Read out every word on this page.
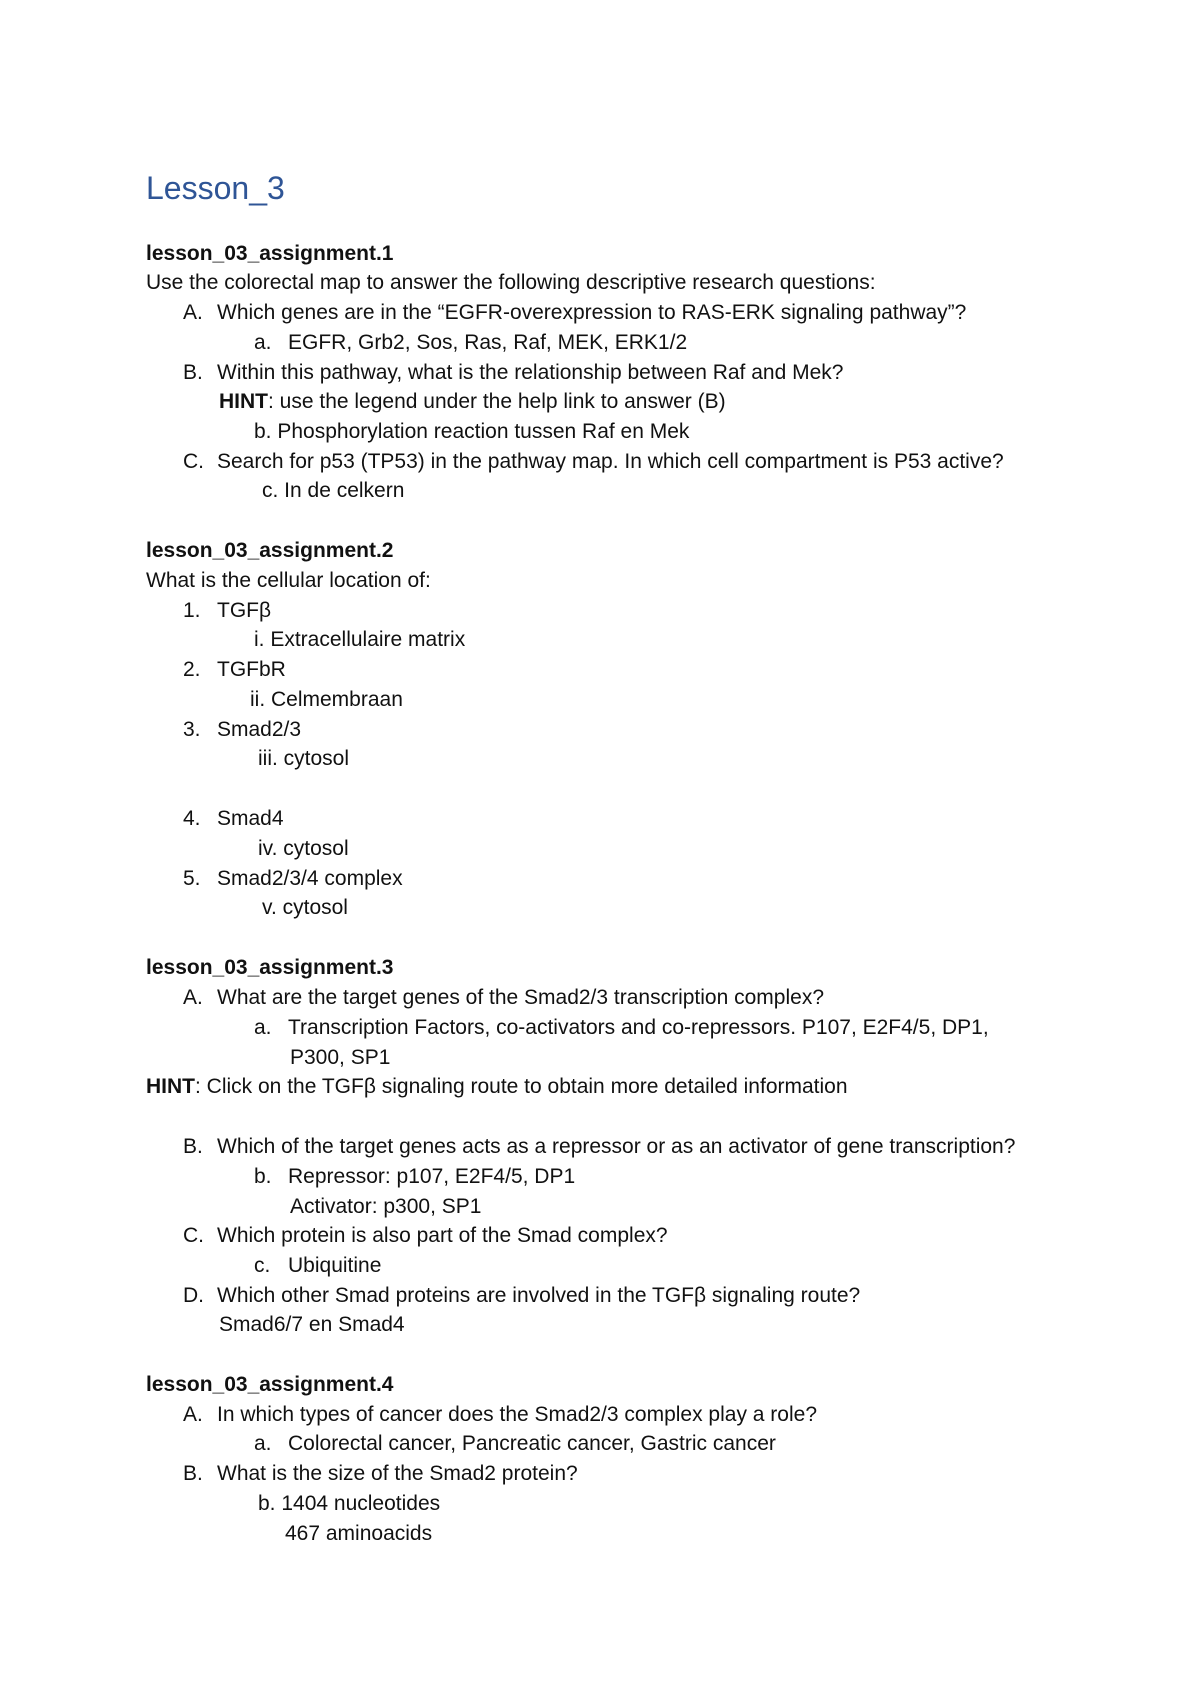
Lesson_3
lesson_03_assignment.1
Use the colorectal map to answer the following descriptive research questions:
A. Which genes are in the “EGFR-overexpression to RAS-ERK signaling pathway”?
a. EGFR, Grb2, Sos, Ras, Raf, MEK, ERK1/2
B. Within this pathway, what is the relationship between Raf and Mek?
HINT: use the legend under the help link to answer (B)
b. Phosphorylation reaction tussen Raf en Mek
C. Search for p53 (TP53) in the pathway map. In which cell compartment is P53 active?
c. In de celkern
lesson_03_assignment.2
What is the cellular location of:
1. TGFβ
i. Extracellulaire matrix
2. TGFbR
ii. Celmembraan
3. Smad2/3
iii. cytosol
4. Smad4
iv. cytosol
5. Smad2/3/4 complex
v. cytosol
lesson_03_assignment.3
A. What are the target genes of the Smad2/3 transcription complex?
a. Transcription Factors, co-activators and co-repressors. P107, E2F4/5, DP1,
P300, SP1
HINT: Click on the TGFβ signaling route to obtain more detailed information
B. Which of the target genes acts as a repressor or as an activator of gene transcription?
b. Repressor: p107, E2F4/5, DP1
Activator: p300, SP1
C. Which protein is also part of the Smad complex?
c. Ubiquitine
D. Which other Smad proteins are involved in the TGFβ signaling route?
Smad6/7 en Smad4
lesson_03_assignment.4
A. In which types of cancer does the Smad2/3 complex play a role?
a. Colorectal cancer, Pancreatic cancer, Gastric cancer
B. What is the size of the Smad2 protein?
b. 1404 nucleotides
467 aminoacids
